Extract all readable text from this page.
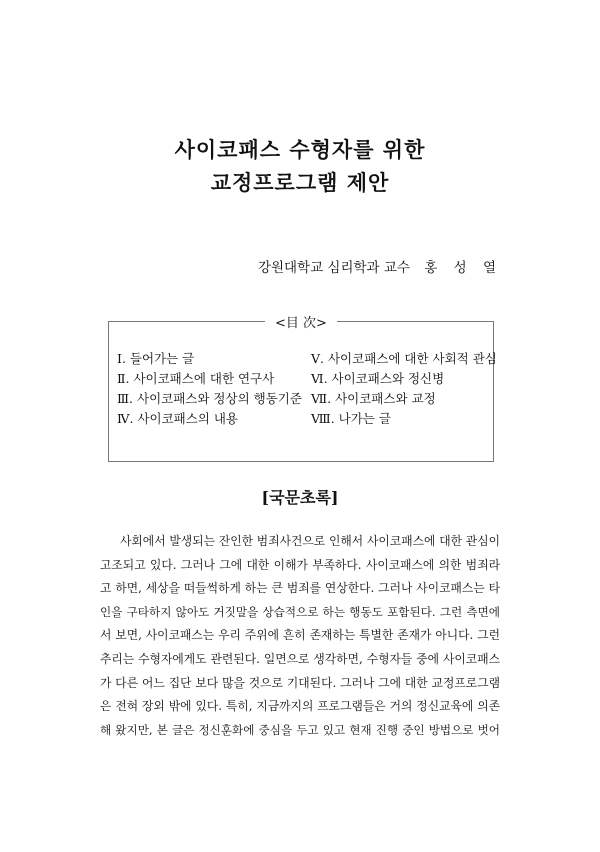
사이코패스 수형자를 위한
교정프로그램 제안

강원대학교 심리학과 교수 홍 성 열

<目 次>

Ⅰ. 들어가는 글
Ⅱ. 사이코패스에 대한 연구사
Ⅲ. 사이코패스와 정상의 행동기준
Ⅳ. 사이코패스의 내용
Ⅴ. 사이코패스에 대한 사회적 관심
Ⅵ. 사이코패스와 정신병
Ⅶ. 사이코패스와 교정
Ⅷ. 나가는 글
[국문초록]

사회에서 발생되는 잔인한 범죄사건으로 인해서 사이코패스에 대한 관심이
고조되고 있다. 그러나 그에 대한 이해가 부족하다. 사이코패스에 의한 범죄라
고 하면, 세상을 떠들썩하게 하는 큰 범죄를 연상한다. 그러나 사이코패스는 타
인을 구타하지 않아도 거짓말을 상습적으로 하는 행동도 포함된다. 그런 측면에
서 보면, 사이코패스는 우리 주위에 흔히 존재하는 특별한 존재가 아니다. 그런
추리는 수형자에게도 관련된다. 일면으로 생각하면, 수형자들 중에 사이코패스
가 다른 어느 집단 보다 많을 것으로 기대된다. 그러나 그에 대한 교정프로그램
은 전혀 장외 밖에 있다. 특히, 지금까지의 프로그램들은 거의 정신교육에 의존
해 왔지만, 본 글은 정신훈화에 중심을 두고 있고 현재 진행 중인 방법으로 벗어
